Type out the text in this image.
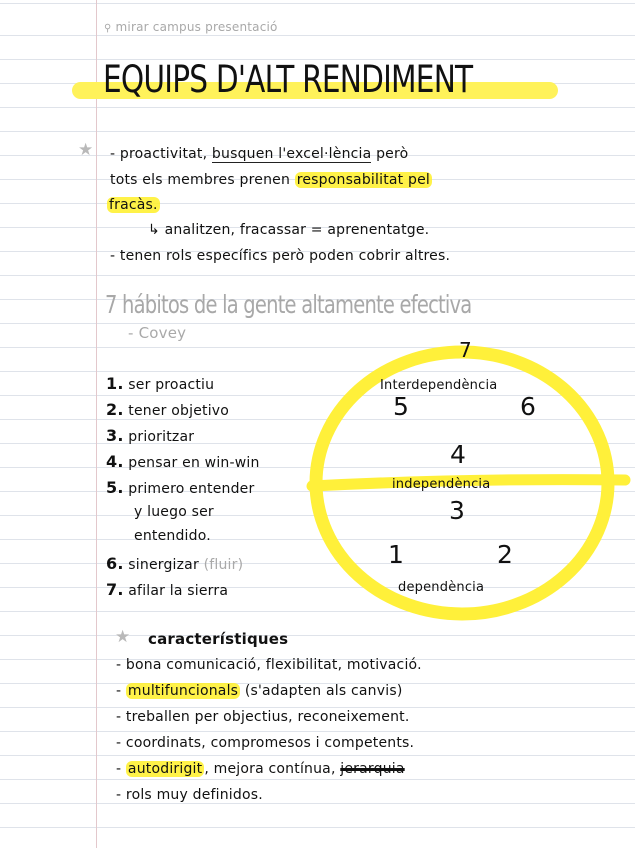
⚲ mirar campus presentació
EQUIPS D'ALT RENDIMENT
★ - proactivitat, busquen l'excel·lència però
tots els membres prenen responsabilitat pel
fracàs.
↳ analitzen, fracassar = aprenentatge.
- tenen rols específics però poden cobrir altres.
7 hábitos de la gente altamente efectiva
- Covey
1. ser proactiu
2. tener objetivo
3. prioritzar
4. pensar en win-win
5. primero entender
y luego ser
entendido.
6. sinergizar (fluir)
7. afilar la sierra
7
Interdependència
5	6
4
independència
3
1	2
dependència
★ característiques
- bona comunicació, flexibilitat, motivació.
- multifuncionals (s'adapten als canvis)
- treballen per objectius, reconeixement.
- coordinats, compromesos i competents.
- autodirigit , mejora contínua, jerarquia
- rols muy definidos.
